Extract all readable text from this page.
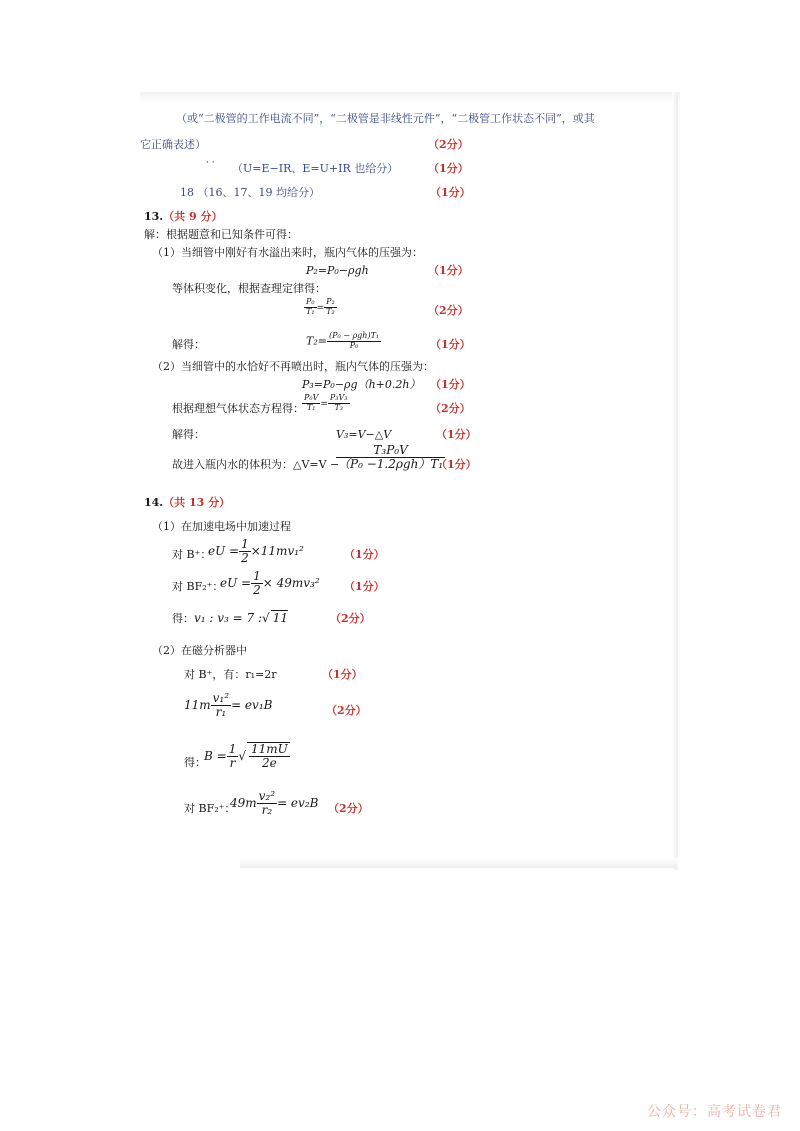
（或“二极管的工作电流不同”，“二极管是非线性元件”，“二极管工作状态不同”，或其
它正确表述）	（2分）
· · （U=E−IR、E=U+IR 也给分）	（1分）
18 （16、17、19 均给分）	（1分）
13.（共 9 分）
解：根据题意和已知条件可得：
（1）当细管中刚好有水溢出来时，瓶内气体的压强为：
P₂=P₀−ρgh	（1分）
等体积变化，根据查理定律得：
$\frac{\text{P₀}}{\text{T₁}} = \frac{\text{P₂}}{\text{T₂}}$	（2分）
解得：	$T_2= \frac{\text{(P₀ − ρgh)T₁}}{\text{P₀}}$	（1分）
（2）当细管中的水恰好不再喷出时，瓶内气体的压强为：
P₃=P₀−ρg（h+0.2h） （1分）
根据理想气体状态方程得：
$\frac{\text{P₀V}}{\text{T₁}} = \frac{\text{P₃V₃}}{\text{T₃}}$	（2分）
解得：	V₃=V−△V	（1分）
故进入瓶内水的体积为：△V=V −
$\frac{\text{T₃P₀V}}{\text{（P₀ −1.2ρgh）T₁}}$
（1分）
14.（共 13 分）
（1）在加速电场中加速过程
对 B⁺：
eU = $\frac{1}{2} \times 11mv_1^2$	（1分）
对 BF₂⁺：
eU = $\frac{1}{2} \times 49mv_3^2$ （1分）
得： v₁ : v₃ = 7 :√ 11	（2分）
（2）在磁分析器中
对 B⁺，有：r₁=2r	（1分）
$11m \frac{\text{v₁²}}{\text{r₁}} = ev_1B$	（2分）
得：
$B = \frac{1}{r}$ √ $\frac{11mU}{2e}$
对 BF₂⁺：
$49m \frac{\text{v₂²}}{\text{r₂}} = ev_2B$ （2分）
公众号：高考试卷君
